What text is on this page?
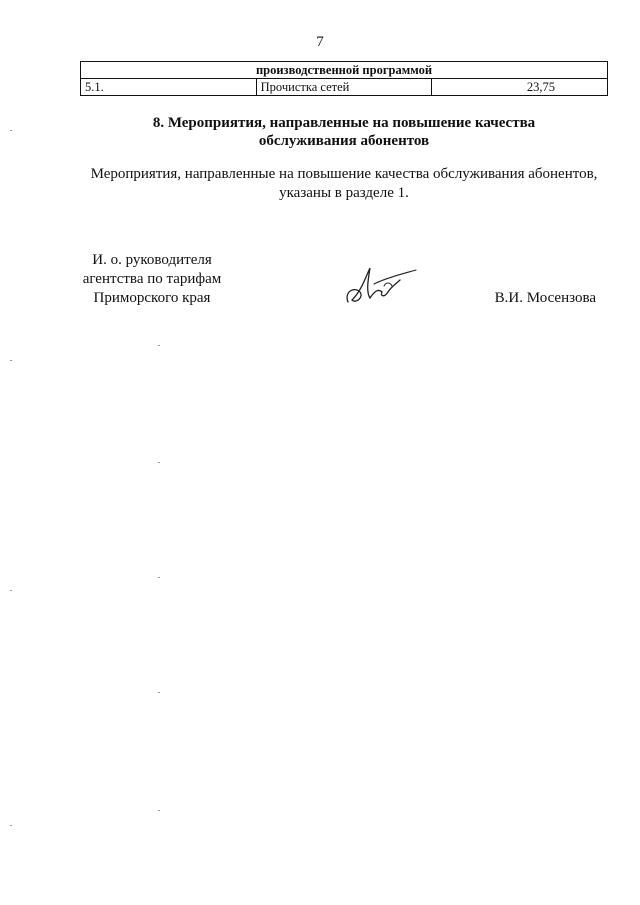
7
производственной программой
5.1.	Прочистка сетей	23,75
8. Мероприятия, направленные на повышение качества
обслуживания абонентов
Мероприятия, направленные на повышение качества обслуживания абонентов,
указаны в разделе 1.
И. о. руководителя
агентства по тарифам
Приморского края	В.И. Мосензова
